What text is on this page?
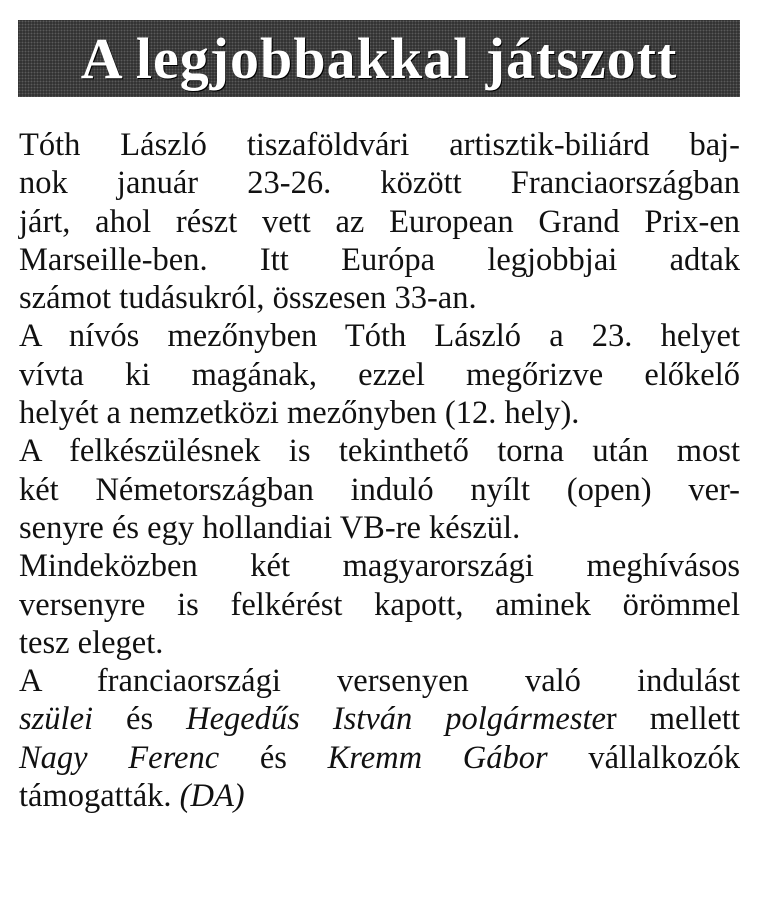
A legjobbakkal játszott

Tóth László tiszaföldvári artisztik-biliárd baj-
nok január 23-26. között Franciaországban
járt, ahol részt vett az European Grand Prix-en
Marseille-ben. Itt Európa legjobbjai adtak
számot tudásukról, összesen 33-an.

A nívós mezőnyben Tóth László a 23. helyet
vívta ki magának, ezzel megőrizve előkelő
helyét a nemzetközi mezőnyben (12. hely).

A felkészülésnek is tekinthető torna után most
két Németországban induló nyílt (open) ver-
senyre és egy hollandiai VB-re készül.

Mindeközben két magyarországi meghívásos
versenyre is felkérést kapott, aminek örömmel
tesz eleget.

A franciaországi versenyen való indulást
szülei és Hegedűs István polgármester mellett
Nagy Ferenc és Kremm Gábor vállalkozók
támogatták. (DA)
